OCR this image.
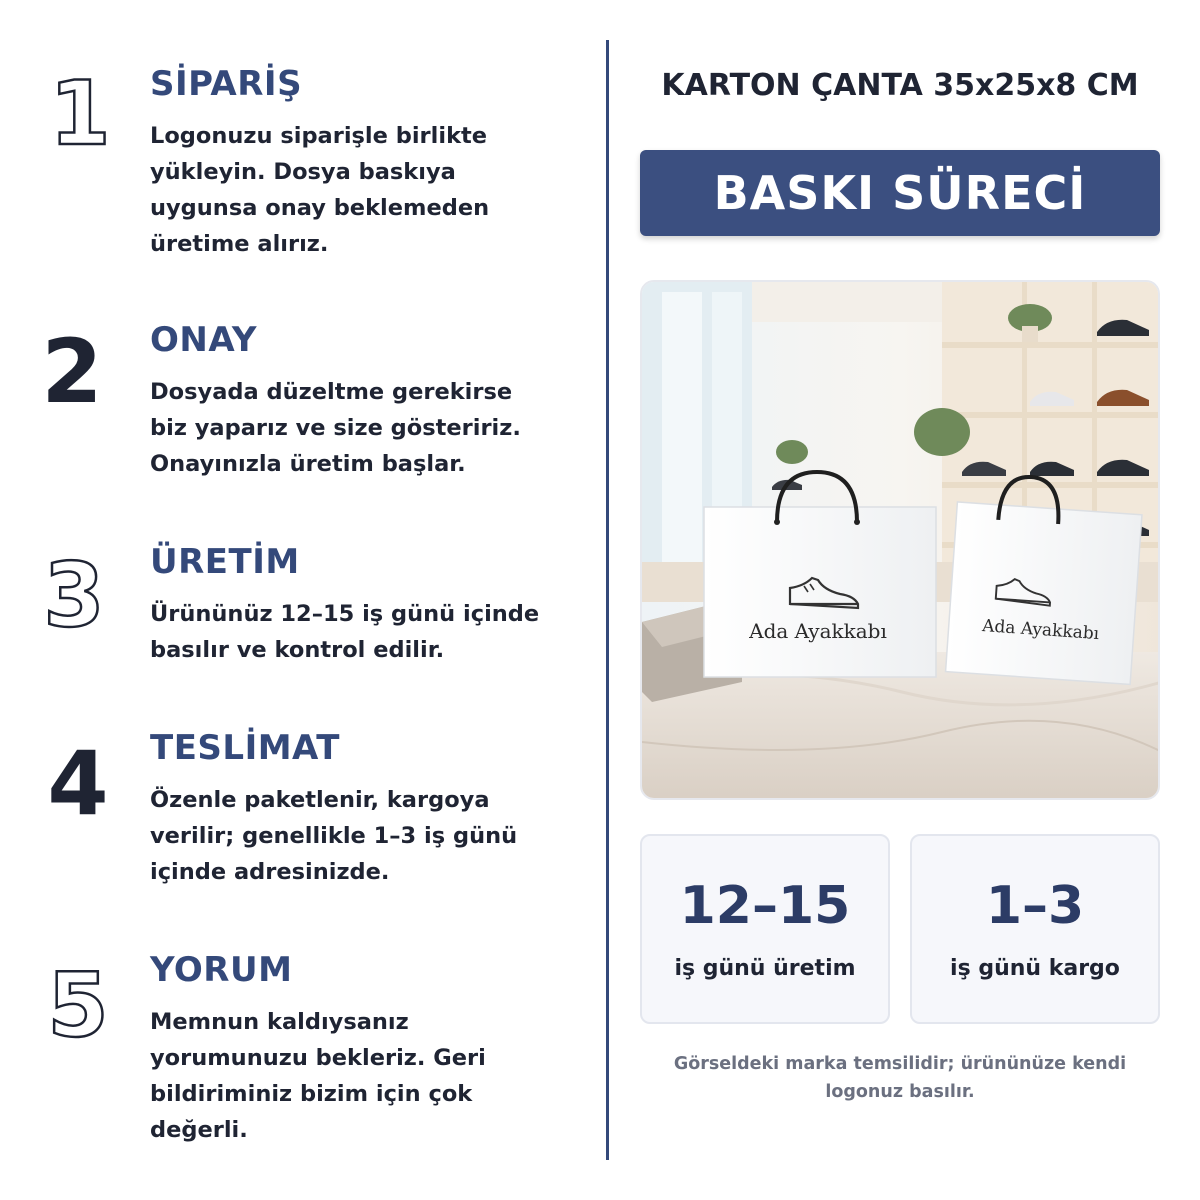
1 SİPARİŞ
Logonuzu siparişle birlikte
yükleyin. Dosya baskıya
uygunsa onay beklemeden
üretime alırız.
2 ONAY
Dosyada düzeltme gerekirse
biz yaparız ve size gösteririz.
Onayınızla üretim başlar.
3 ÜRETİM
Ürününüz 12–15 iş günü içinde
basılır ve kontrol edilir.
4 TESLİMAT
Özenle paketlenir, kargoya
verilir; genellikle 1–3 iş günü
içinde adresinizde.
5 YORUM
Memnun kaldıysanız
yorumunuzu bekleriz. Geri
bildiriminiz bizim için çok
değerli.
KARTON ÇANTA 35x25x8 CM
BASKI SÜRECİ
Ada Ayakkabı	Ada Ayakkabı
12–15
iş günü üretim
1–3
iş günü kargo
Görseldeki marka temsilidir; ürününüze kendi
logonuz basılır.
